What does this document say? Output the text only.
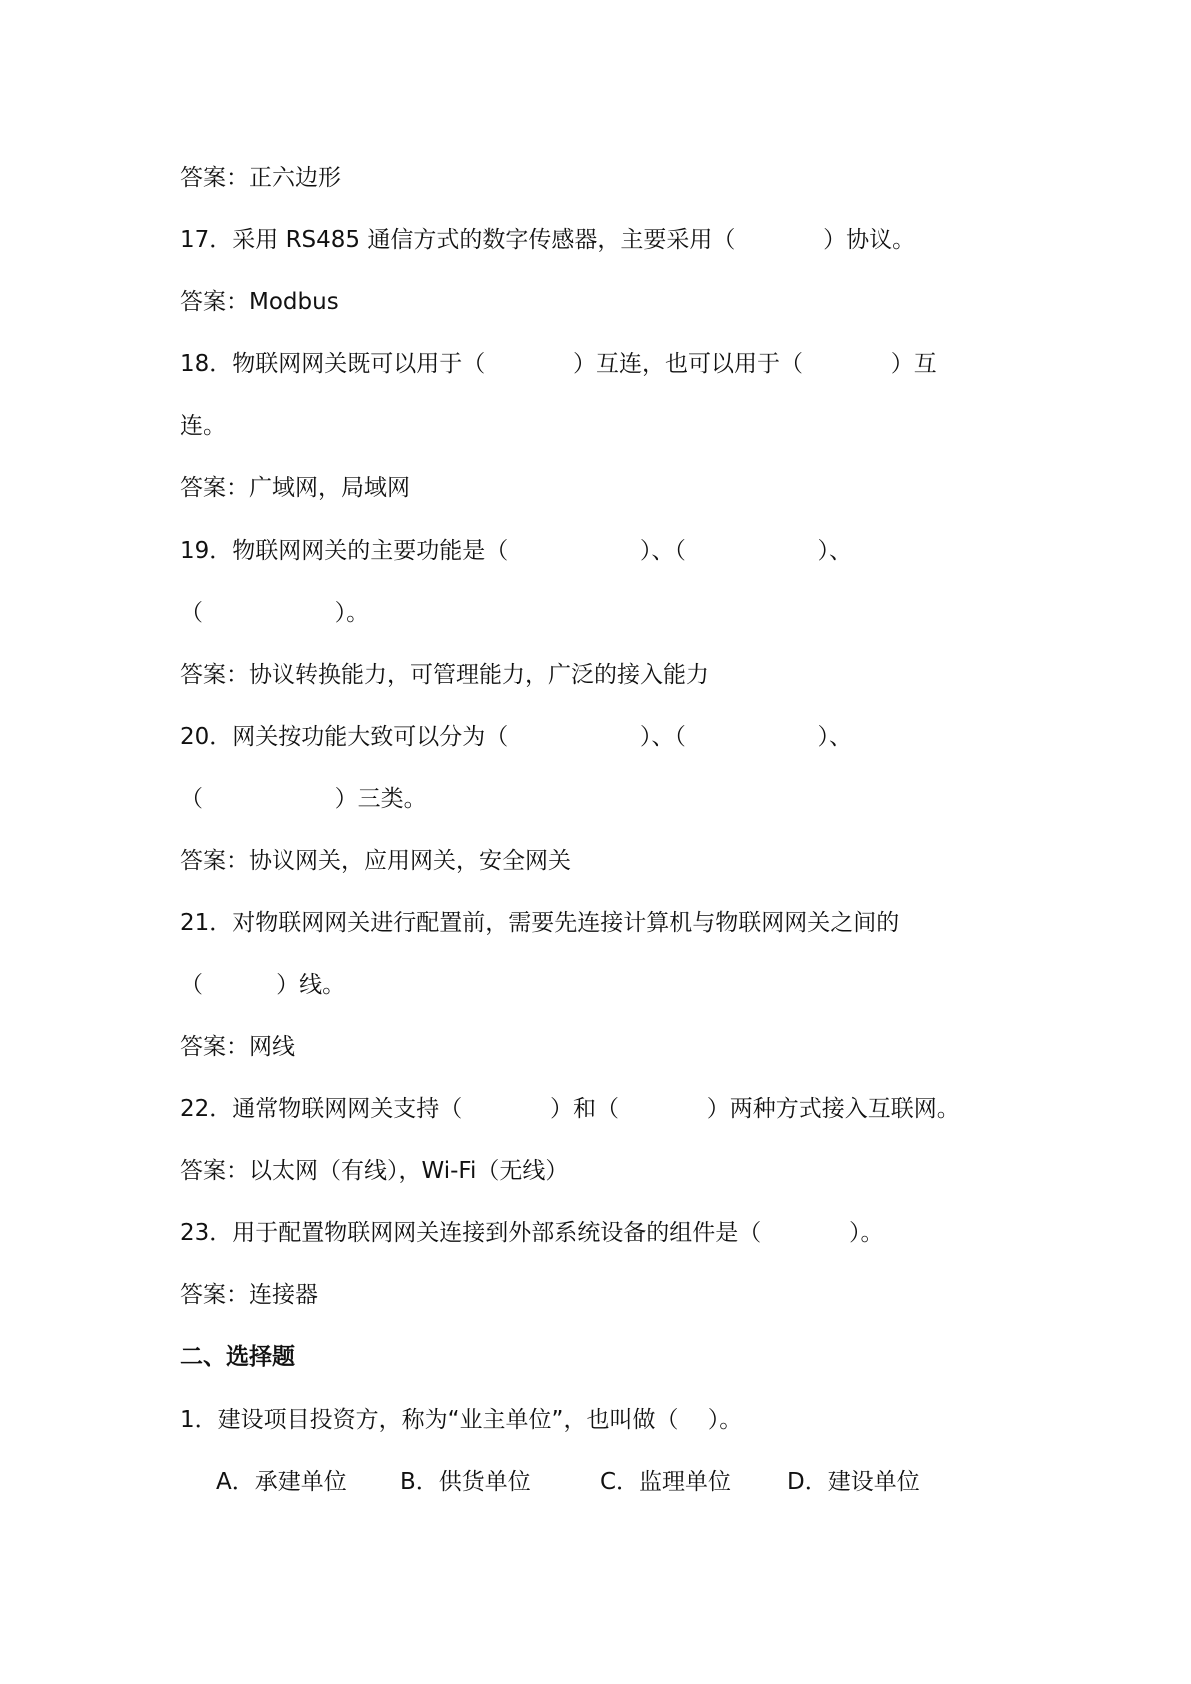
答案：正六边形
17．采用 RS485 通信方式的数字传感器，主要采用（            ）协议。
答案：Modbus
18．物联网网关既可以用于（            ）互连，也可以用于（            ）互
连。
答案：广域网，局域网
19．物联网网关的主要功能是（                  ）、（                  ）、
（                  ）。
答案：协议转换能力，可管理能力，广泛的接入能力
20．网关按功能大致可以分为（                  ）、（                  ）、
（                  ）三类。
答案：协议网关，应用网关，安全网关
21．对物联网网关进行配置前，需要先连接计算机与物联网网关之间的
（          ）线。
答案：网线
22．通常物联网网关支持（            ）和（            ）两种方式接入互联网。
答案：以太网（有线），Wi-Fi（无线）
23．用于配置物联网网关连接到外部系统设备的组件是（            ）。
答案：连接器
二、选择题
1．建设项目投资方，称为“业主单位”，也叫做（    ）。
A．承建单位 B．供货单位	C．监理单位 D．建设单位
